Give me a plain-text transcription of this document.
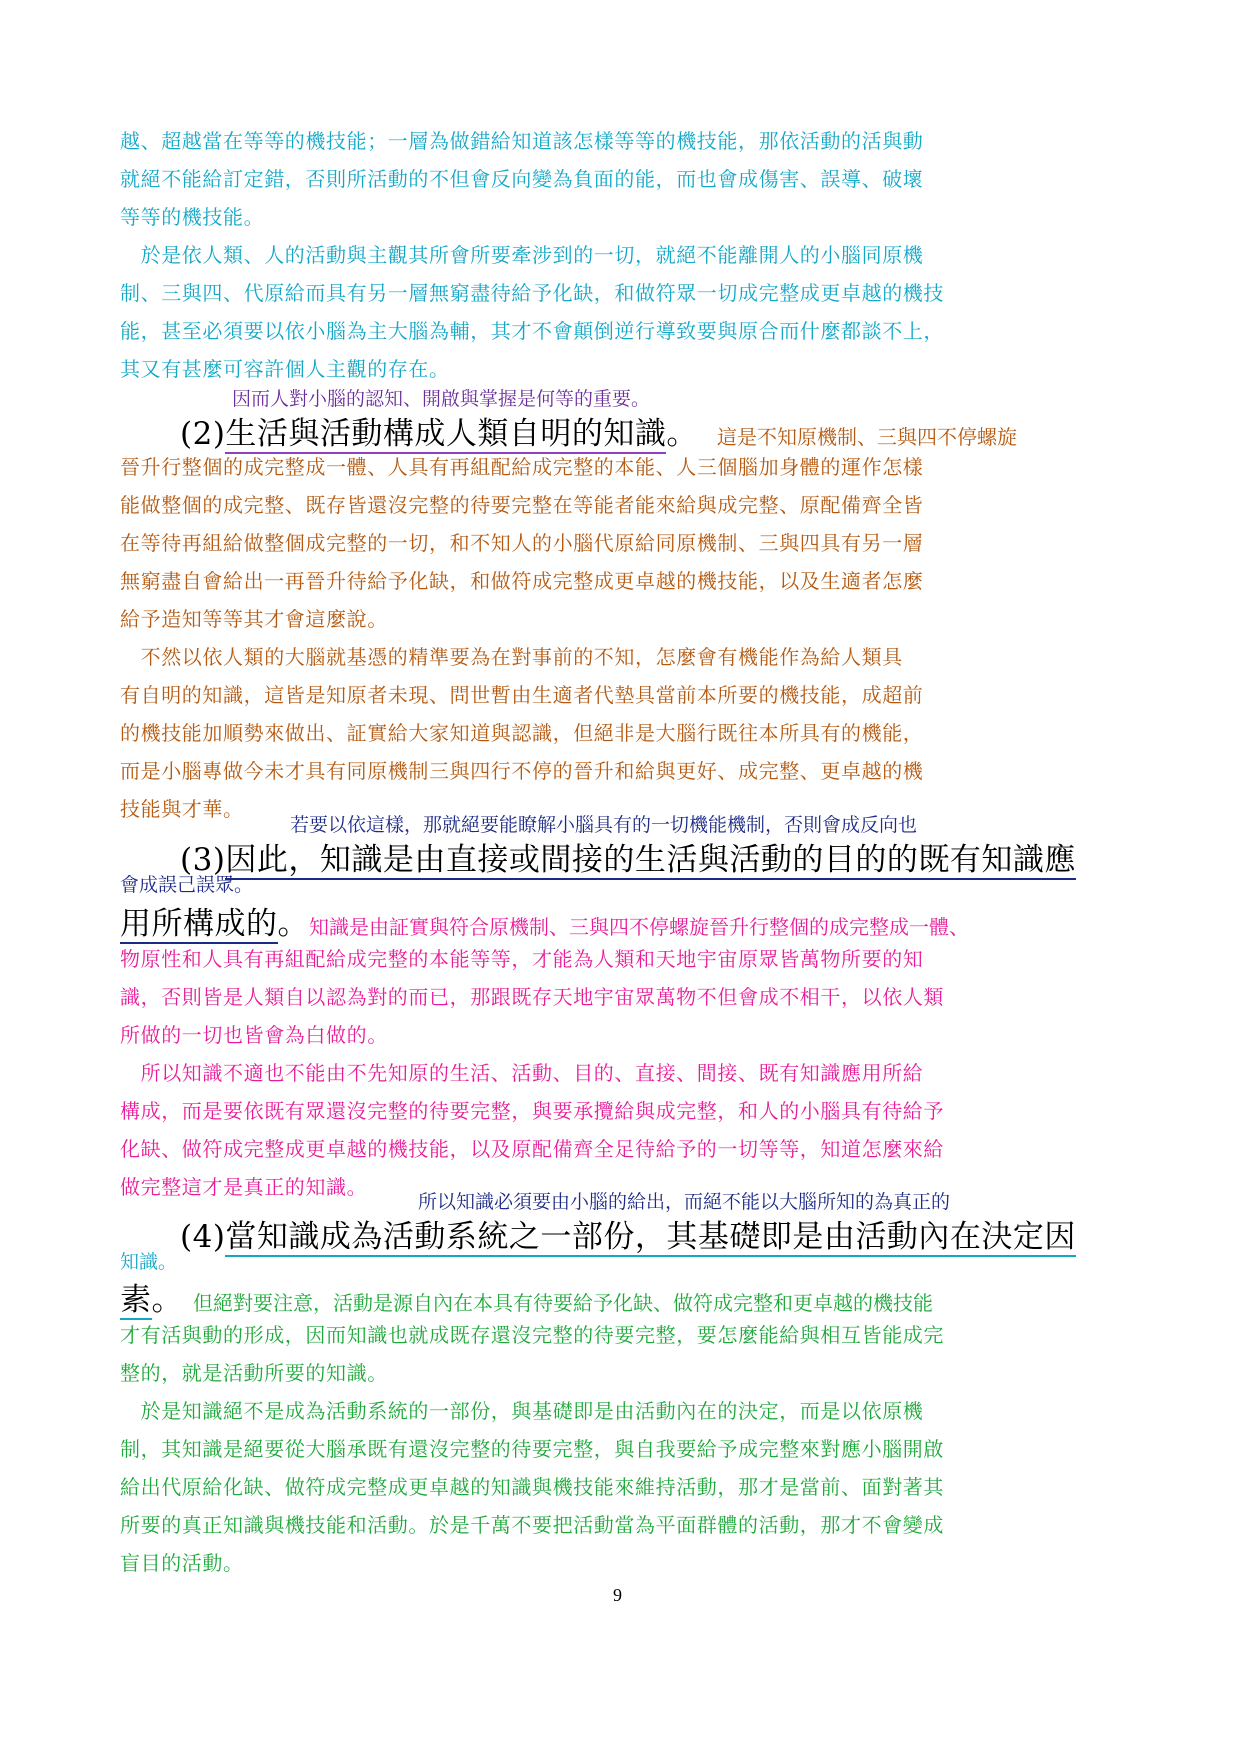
越、超越當在等等的機技能；一層為做錯給知道該怎樣等等的機技能，那依活動的活與動
就絕不能給訂定錯，否則所活動的不但會反向變為負面的能，而也會成傷害、誤導、破壞
等等的機技能。
　於是依人類、人的活動與主觀其所會所要牽涉到的一切，就絕不能離開人的小腦同原機
制、三與四、代原給而具有另一層無窮盡待給予化缺，和做符眾一切成完整成更卓越的機技
能，甚至必須要以依小腦為主大腦為輔，其才不會顛倒逆行導致要與原合而什麼都談不上，
其又有甚麼可容許個人主觀的存在。
因而人對小腦的認知、開啟與掌握是何等的重要。
(2)生活與活動構成人類自明的知識。 這是不知原機制、三與四不停螺旋
晉升行整個的成完整成一體、人具有再組配給成完整的本能、人三個腦加身體的運作怎樣
能做整個的成完整、既存皆還沒完整的待要完整在等能者能來給與成完整、原配備齊全皆
在等待再組給做整個成完整的一切，和不知人的小腦代原給同原機制、三與四具有另一層
無窮盡自會給出一再晉升待給予化缺，和做符成完整成更卓越的機技能，以及生適者怎麼
給予造知等等其才會這麼說。
　不然以依人類的大腦就基憑的精準要為在對事前的不知，怎麼會有機能作為給人類具
有自明的知識，這皆是知原者未現、問世暫由生適者代墊具當前本所要的機技能，成超前
的機技能加順勢來做出、証實給大家知道與認識，但絕非是大腦行既往本所具有的機能，
而是小腦專做今未才具有同原機制三與四行不停的晉升和給與更好、成完整、更卓越的機
技能與才華。
若要以依這樣，那就絕要能瞭解小腦具有的一切機能機制，否則會成反向也
(3)因此，知識是由直接或間接的生活與活動的目的的既有知識應
會成誤己誤眾。
用所構成的。知識是由証實與符合原機制、三與四不停螺旋晉升行整個的成完整成一體、
物原性和人具有再組配給成完整的本能等等，才能為人類和天地宇宙原眾皆萬物所要的知
識，否則皆是人類自以認為對的而已，那跟既存天地宇宙眾萬物不但會成不相干，以依人類
所做的一切也皆會為白做的。
　所以知識不適也不能由不先知原的生活、活動、目的、直接、間接、既有知識應用所給
構成，而是要依既有眾還沒完整的待要完整，與要承攬給與成完整，和人的小腦具有待給予
化缺、做符成完整成更卓越的機技能，以及原配備齊全足待給予的一切等等，知道怎麼來給
做完整這才是真正的知識。
所以知識必須要由小腦的給出，而絕不能以大腦所知的為真正的
(4)當知識成為活動系統之一部份，其基礎即是由活動內在決定因
知識。
素。 但絕對要注意，活動是源自內在本具有待要給予化缺、做符成完整和更卓越的機技能
才有活與動的形成，因而知識也就成既存還沒完整的待要完整，要怎麼能給與相互皆能成完
整的，就是活動所要的知識。
　於是知識絕不是成為活動系統的一部份，與基礎即是由活動內在的決定，而是以依原機
制，其知識是絕要從大腦承既有還沒完整的待要完整，與自我要給予成完整來對應小腦開啟
給出代原給化缺、做符成完整成更卓越的知識與機技能來維持活動，那才是當前、面對著其
所要的真正知識與機技能和活動。於是千萬不要把活動當為平面群體的活動，那才不會變成
盲目的活動。
9
